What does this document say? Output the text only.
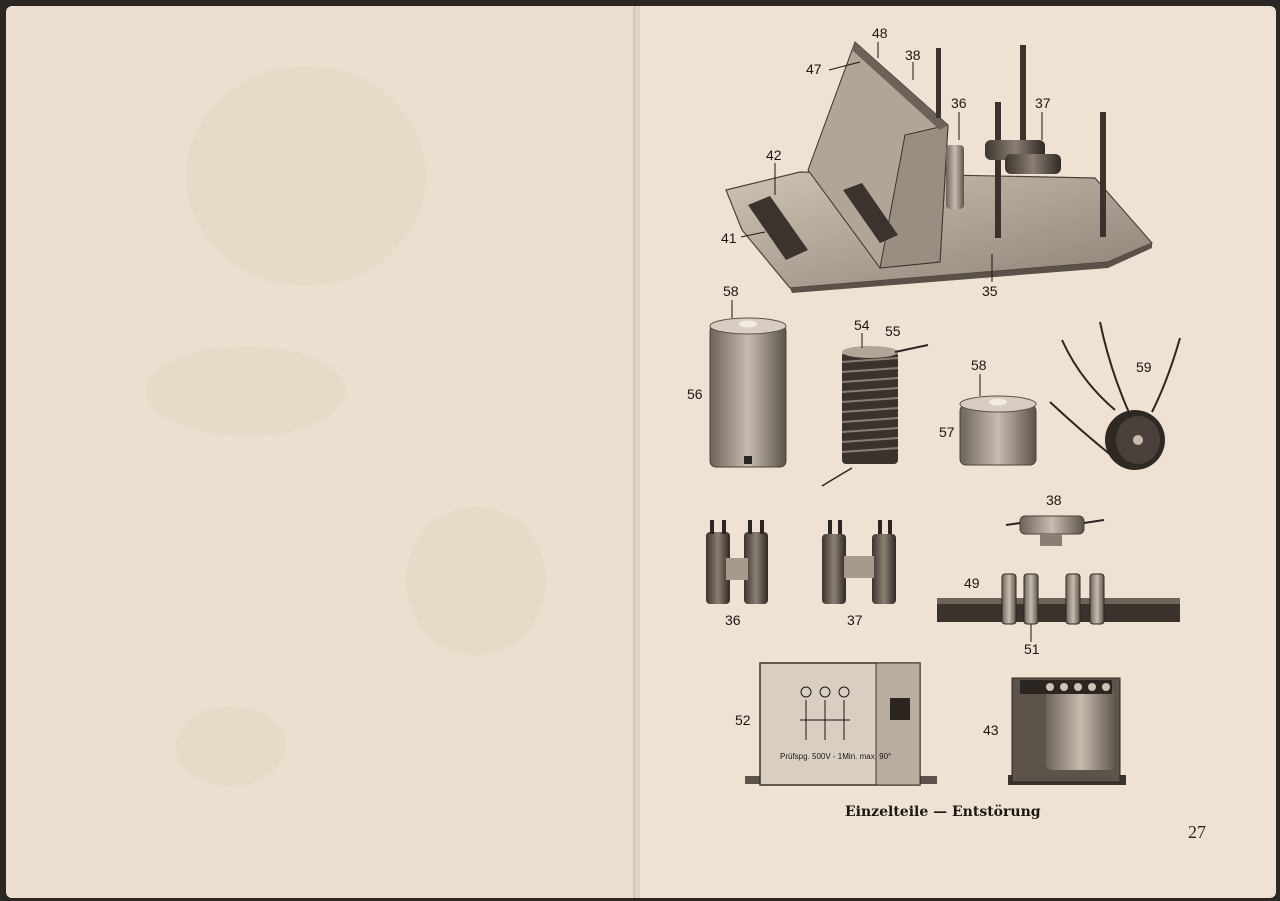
48
47
38
36	37
42
41
35
58
56
54 55
58
57
59
38
49
51
36	37
52
43
Prüfspg. 500V - 1Min. max. 90°
Einzelteile — Entstörung
27
